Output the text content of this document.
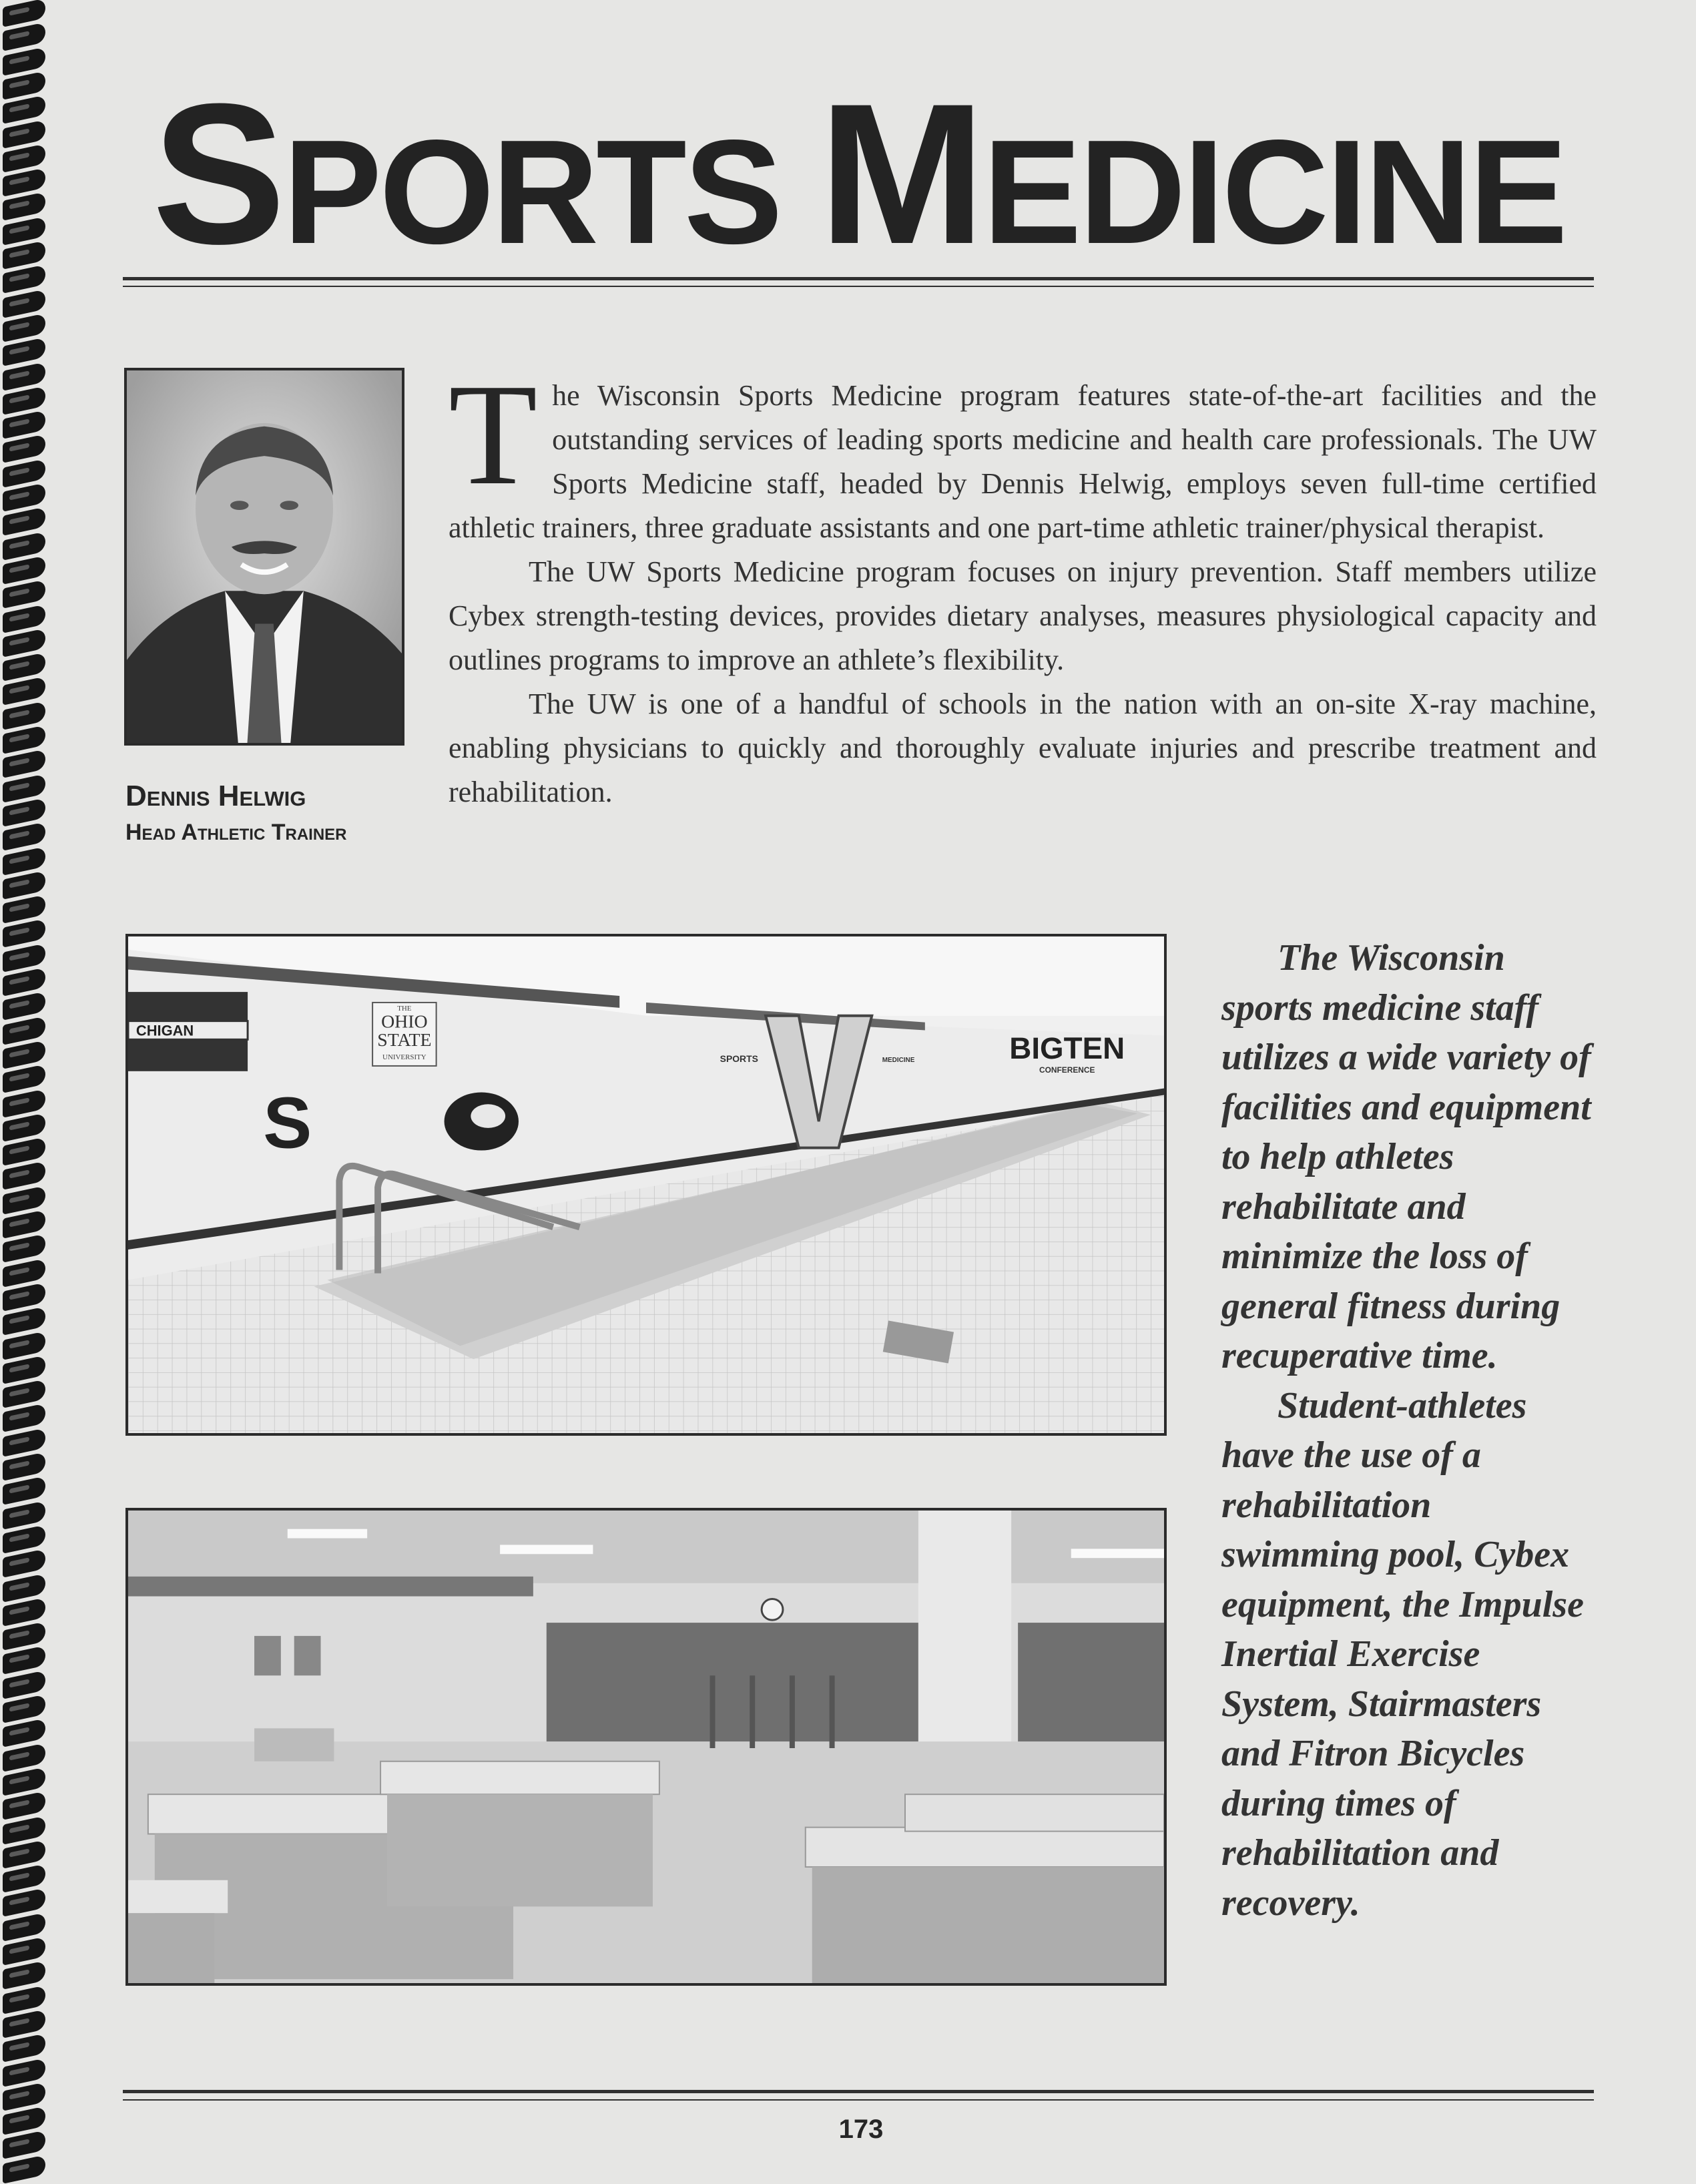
SPORTS MEDICINE
Dennis Helwig
Head Athletic Trainer

The Wisconsin Sports Medicine program features state-of-the-art facilities and the outstanding services of leading sports medicine and health care professionals. The UW Sports Medicine staff, headed by Dennis Helwig, employs seven full-time certified athletic trainers, three graduate assistants and one part-time athletic trainer/physical therapist.

The UW Sports Medicine program focuses on injury prevention. Staff members utilize Cybex strength-testing devices, provides dietary analyses, measures physiological capacity and outlines programs to improve an athlete’s flexibility.

The UW is one of a handful of schools in the nation with an on-site X-ray machine, enabling physicians to quickly and thoroughly evaluate injuries and prescribe treatment and rehabilitation.

CHIGAN
THE
OHIO
STATE
UNIVERSITY
S
SPORTS	MEDICINE	BIGTEN
CONFERENCE

The Wisconsin sports medicine staff utilizes a wide variety of facilities and equipment to help athletes rehabilitate and minimize the loss of general fitness during recuperative time.

Student-athletes have the use of a rehabilitation swimming pool, Cybex equipment, the Impulse Inertial Exercise System, Stairmasters and Fitron Bicycles during times of rehabilitation and recovery.

173
